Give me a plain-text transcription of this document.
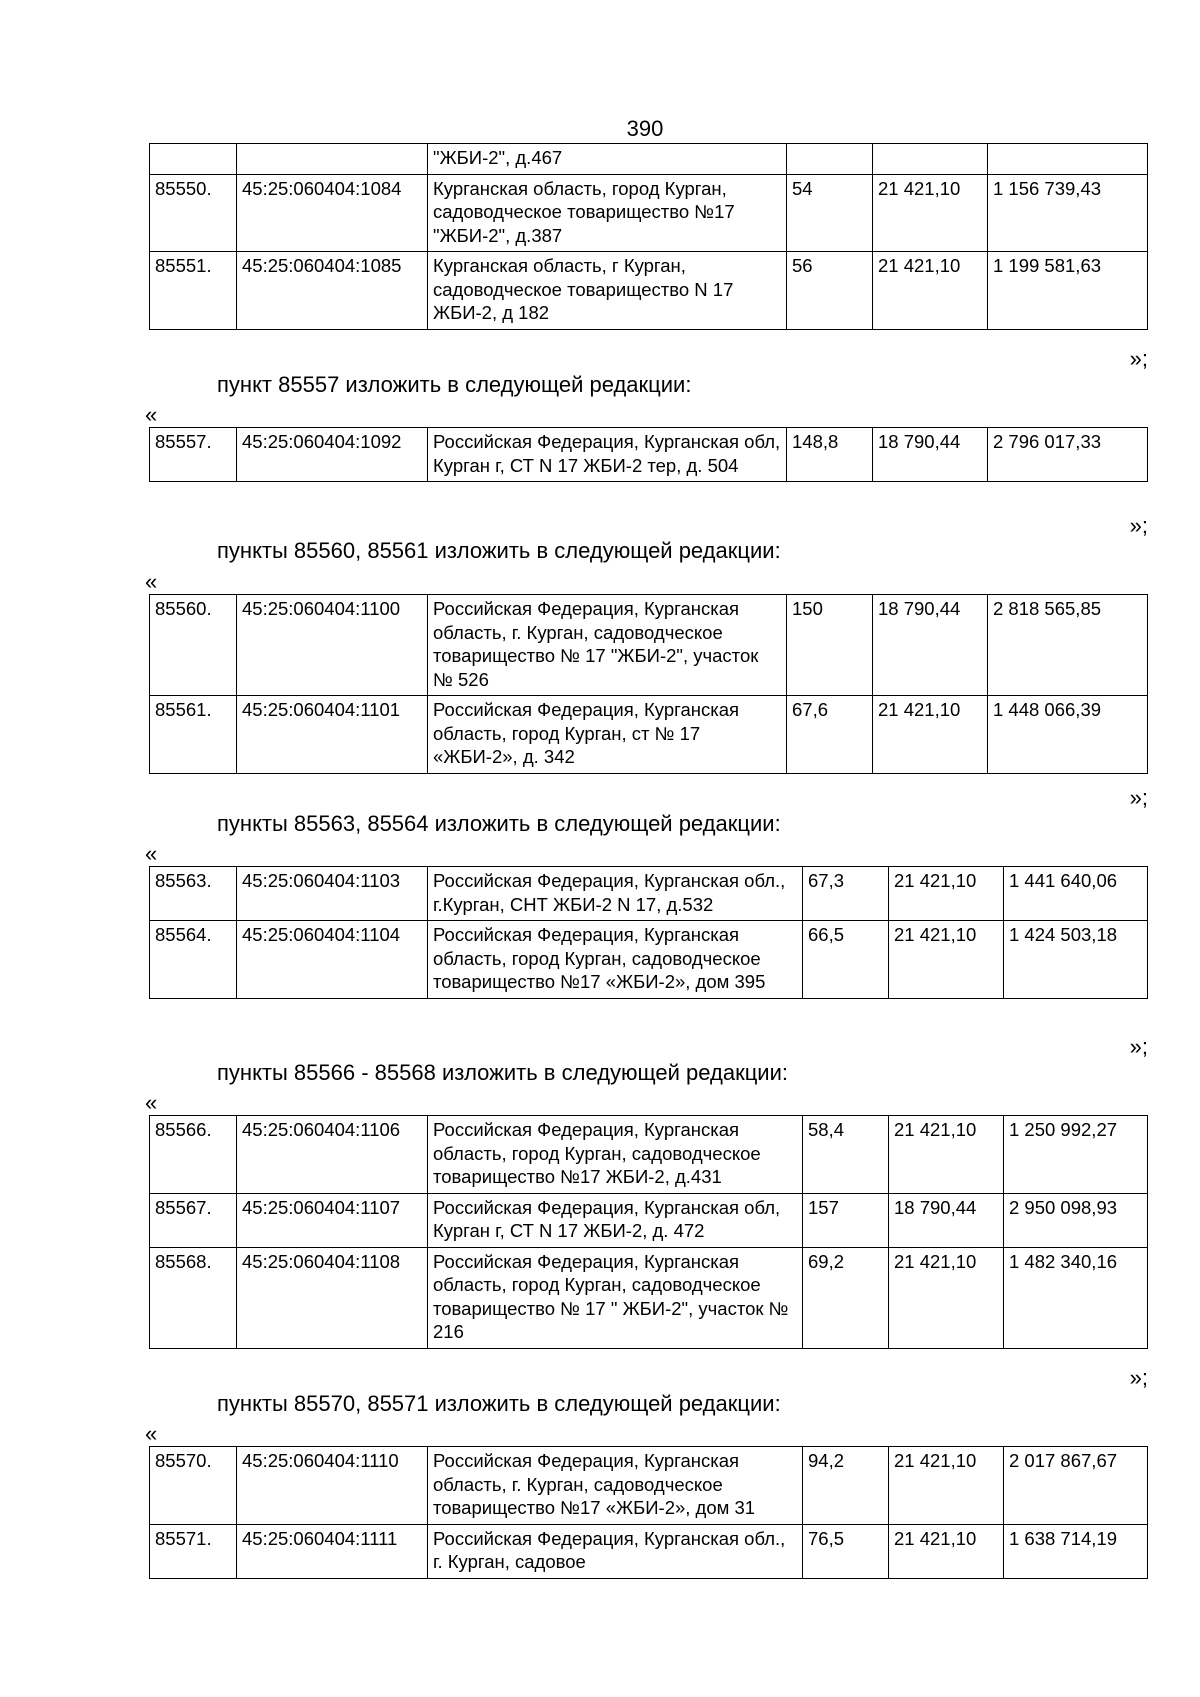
390
		"ЖБИ-2", д.467			
85550.	45:25:060404:1084	Курганская область, город Курган, садоводческое товарищество №17 "ЖБИ-2", д.387	54	21 421,10	1 156 739,43
85551.	45:25:060404:1085	Курганская область, г Курган, садоводческое товарищество N 17 ЖБИ-2, д 182	56	21 421,10	1 199 581,63
»;
пункт 85557 изложить в следующей редакции:
«
85557.	45:25:060404:1092	Российская Федерация, Курганская обл, Курган г, СТ N 17 ЖБИ-2 тер, д. 504	148,8	18 790,44	2 796 017,33
»;
пункты 85560, 85561 изложить в следующей редакции:
«
85560.	45:25:060404:1100	Российская Федерация, Курганская область, г. Курган, садоводческое товарищество № 17 "ЖБИ-2", участок № 526	150	18 790,44	2 818 565,85
85561.	45:25:060404:1101	Российская Федерация, Курганская область, город Курган, ст № 17 «ЖБИ-2», д. 342	67,6	21 421,10	1 448 066,39
»;
пункты 85563, 85564 изложить в следующей редакции:
«
85563.	45:25:060404:1103	Российская Федерация, Курганская обл., г.Курган, СНТ ЖБИ-2 N 17, д.532	67,3	21 421,10	1 441 640,06
85564.	45:25:060404:1104	Российская Федерация, Курганская область, город Курган, садоводческое товарищество №17 «ЖБИ-2», дом 395	66,5	21 421,10	1 424 503,18
»;
пункты 85566 - 85568 изложить в следующей редакции:
«
85566.	45:25:060404:1106	Российская Федерация, Курганская область, город Курган, садоводческое товарищество №17 ЖБИ-2, д.431	58,4	21 421,10	1 250 992,27
85567.	45:25:060404:1107	Российская Федерация, Курганская обл, Курган г, СТ N 17 ЖБИ-2, д. 472	157	18 790,44	2 950 098,93
85568.	45:25:060404:1108	Российская Федерация, Курганская область, город Курган, садоводческое товарищество № 17 " ЖБИ-2", участок № 216	69,2	21 421,10	1 482 340,16
»;
пункты 85570, 85571 изложить в следующей редакции:
«
85570.	45:25:060404:1110	Российская Федерация, Курганская область, г. Курган, садоводческое товарищество №17 «ЖБИ-2», дом 31	94,2	21 421,10	2 017 867,67
85571.	45:25:060404:1111	Российская Федерация, Курганская обл., г. Курган, садовое	76,5	21 421,10	1 638 714,19
